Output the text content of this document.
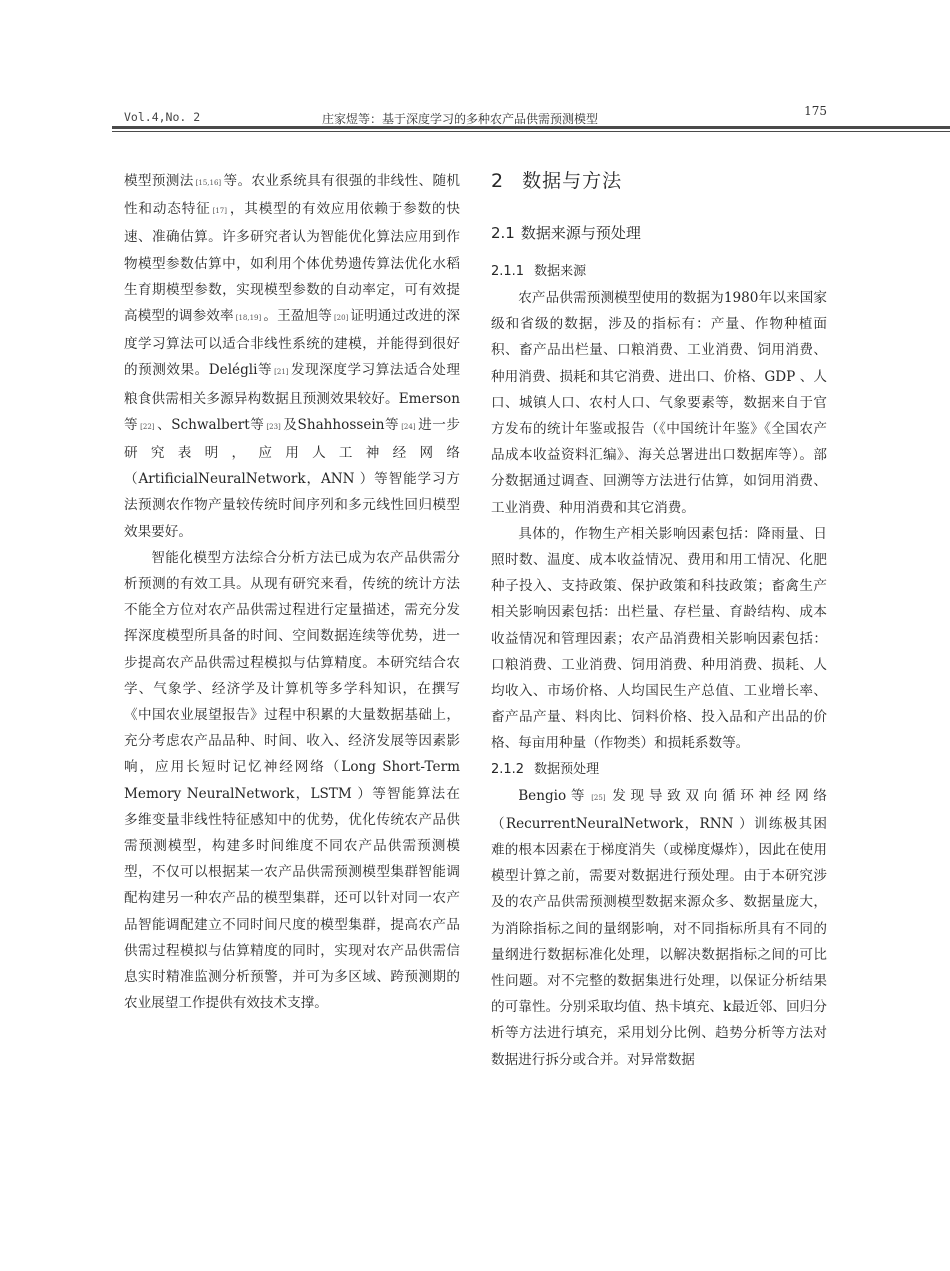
Vol.4,No. 2	庄家煜等：基于深度学习的多种农产品供需预测模型
175

模型预测法 [15,16] 等。农业系统具有很强的非线性、随机性和动态特征 [17] ，其模型的有效应用依赖于参数的快速、准确估算。许多研究者认为智能优化算法应用到作物模型参数估算中，如利用个体优势遗传算法优化水稻生育期模型参数，实现模型参数的自动率定，可有效提高模型的调参效率 [18,19] 。王盈旭等 [20] 证明通过改进的深度学习算法可以适合非线性系统的建模，并能得到很好的预测效果。Delégli等 [21] 发现深度学习算法适合处理粮食供需相关多源异构数据且预测效果较好。Emerson 等 [22] 、Schwalbert等 [23] 及Shahhossein等 [24] 进一步研究表明，应用人工神经网络（ArtificialNeuralNetwork，ANN ）等智能学习方法预测农作物产量较传统时间序列和多元线性回归模型效果要好。

智能化模型方法综合分析方法已成为农产品供需分析预测的有效工具。从现有研究来看，传统的统计方法不能全方位对农产品供需过程进行定量描述，需充分发挥深度模型所具备的时间、空间数据连续等优势，进一步提高农产品供需过程模拟与估算精度。本研究结合农学、气象学、经济学及计算机等多学科知识，在撰写《中国农业展望报告》过程中积累的大量数据基础上，充分考虑农产品品种、时间、收入、经济发展等因素影响，应用长短时记忆神经网络（Long Short-Term Memory NeuralNetwork，LSTM ）等智能算法在多维变量非线性特征感知中的优势，优化传统农产品供需预测模型，构建多时间维度不同农产品供需预测模型，不仅可以根据某一农产品供需预测模型集群智能调配构建另一种农产品的模型集群，还可以针对同一农产品智能调配建立不同时间尺度的模型集群，提高农产品供需过程模拟与估算精度的同时，实现对农产品供需信息实时精准监测分析预警，并可为多区域、跨预测期的农业展望工作提供有效技术支撑。

2 数据与方法
2.1 数据来源与预处理
2.1.1 数据来源

农产品供需预测模型使用的数据为1980年以来国家级和省级的数据，涉及的指标有：产量、作物种植面积、畜产品出栏量、口粮消费、工业消费、饲用消费、种用消费、损耗和其它消费、进出口、价格、GDP 、人口、城镇人口、农村人口、气象要素等，数据来自于官方发布的统计年鉴或报告（《中国统计年鉴》《全国农产品成本收益资料汇编》、海关总署进出口数据库等）。部分数据通过调查、回溯等方法进行估算，如饲用消费、工业消费、种用消费和其它消费。

具体的，作物生产相关影响因素包括：降雨量、日照时数、温度、成本收益情况、费用和用工情况、化肥种子投入、支持政策、保护政策和科技政策；畜禽生产相关影响因素包括：出栏量、存栏量、育龄结构、成本收益情况和管理因素；农产品消费相关影响因素包括：口粮消费、工业消费、饲用消费、种用消费、损耗、人均收入、市场价格、人均国民生产总值、工业增长率、畜产品产量、料肉比、饲料价格、投入品和产出品的价格、每亩用种量（作物类）和损耗系数等。

2.1.2 数据预处理

Bengio等 [25] 发现导致双向循环神经网络（RecurrentNeuralNetwork，RNN ）训练极其困难的根本因素在于梯度消失（或梯度爆炸），因此在使用模型计算之前，需要对数据进行预处理。由于本研究涉及的农产品供需预测模型数据来源众多、数据量庞大，为消除指标之间的量纲影响，对不同指标所具有不同的量纲进行数据标准化处理，以解决数据指标之间的可比性问题。对不完整的数据集进行处理，以保证分析结果的可靠性。分别采取均值、热卡填充、k最近邻、回归分析等方法进行填充，采用划分比例、趋势分析等方法对数据进行拆分或合并。对异常数据
